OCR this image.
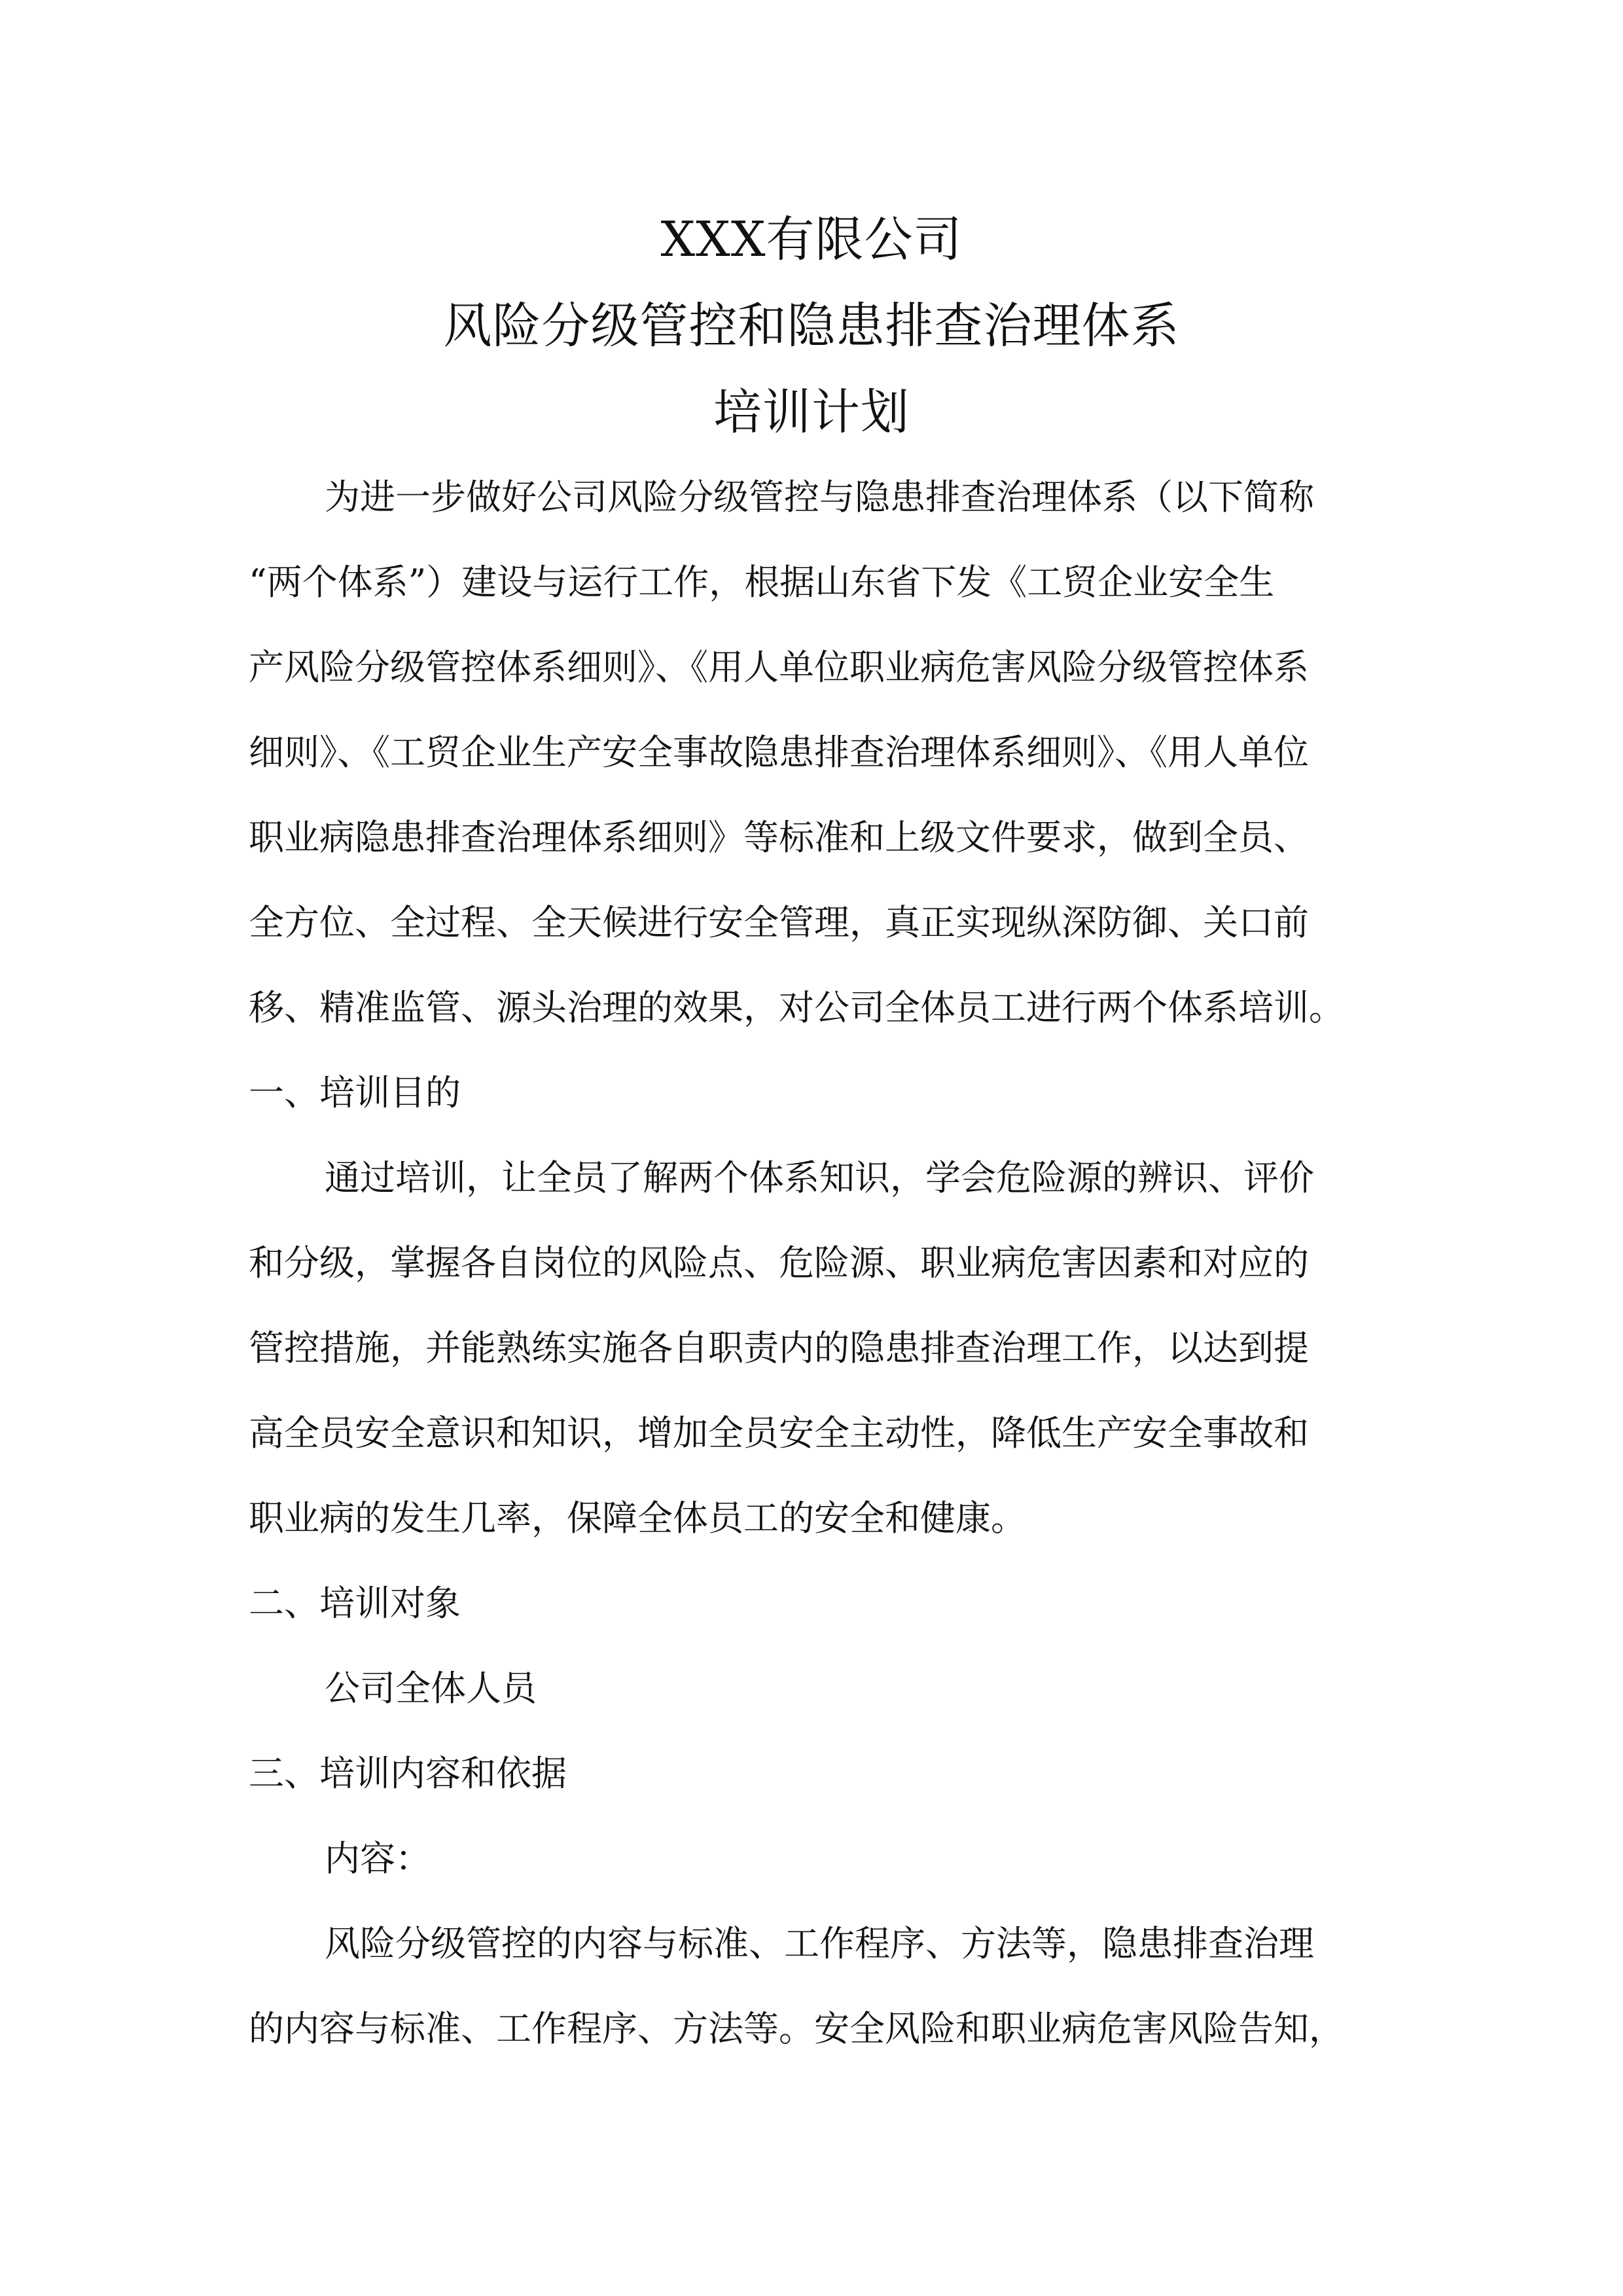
XXX有限公司
风险分级管控和隐患排查治理体系
培训计划
为进一步做好公司风险分级管控与隐患排查治理体系（以下简称
“两个体系”）建设与运行工作，根据山东省下发《工贸企业安全生
产风险分级管控体系细则》、《用人单位职业病危害风险分级管控体系
细则》、《工贸企业生产安全事故隐患排查治理体系细则》、《用人单位
职业病隐患排查治理体系细则》等标准和上级文件要求，做到全员、
全方位、全过程、全天候进行安全管理，真正实现纵深防御、关口前
移、精准监管、源头治理的效果，对公司全体员工进行两个体系培训。
一、培训目的
通过培训，让全员了解两个体系知识，学会危险源的辨识、评价
和分级，掌握各自岗位的风险点、危险源、职业病危害因素和对应的
管控措施，并能熟练实施各自职责内的隐患排查治理工作，以达到提
高全员安全意识和知识，增加全员安全主动性，降低生产安全事故和
职业病的发生几率，保障全体员工的安全和健康。
二、培训对象
公司全体人员
三、培训内容和依据
内容：
风险分级管控的内容与标准、工作程序、方法等，隐患排查治理
的内容与标准、工作程序、方法等。安全风险和职业病危害风险告知，
